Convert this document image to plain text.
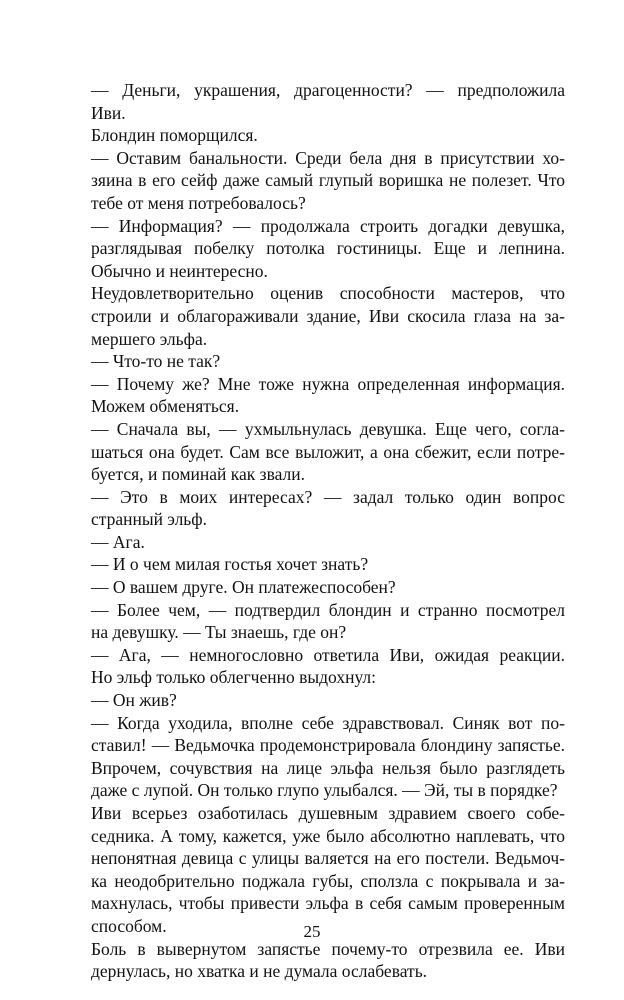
— Деньги, украшения, драгоценности? — предположила
Иви.
Блондин поморщился.
— Оставим банальности. Среди бела дня в присутствии хо-
зяина в его сейф даже самый глупый воришка не полезет. Что
тебе от меня потребовалось?
— Информация? — продолжала строить догадки девушка,
разглядывая побелку потолка гостиницы. Еще и лепнина.
Обычно и неинтересно.
Неудовлетворительно оценив способности мастеров, что
строили и облагораживали здание, Иви скосила глаза на за-
мершего эльфа.
— Что-то не так?
— Почему же? Мне тоже нужна определенная информация.
Можем обменяться.
— Сначала вы, — ухмыльнулась девушка. Еще чего, согла-
шаться она будет. Сам все выложит, а она сбежит, если потре-
буется, и поминай как звали.
— Это в моих интересах? — задал только один вопрос
странный эльф.
— Ага.
— И о чем милая гостья хочет знать?
— О вашем друге. Он платежеспособен?
— Более чем, — подтвердил блондин и странно посмотрел
на девушку. — Ты знаешь, где он?
— Ага, — немногословно ответила Иви, ожидая реакции.
Но эльф только облегченно выдохнул:
— Он жив?
— Когда уходила, вполне себе здравствовал. Синяк вот по-
ставил! — Ведьмочка продемонстрировала блондину запястье.
Впрочем, сочувствия на лице эльфа нельзя было разглядеть
даже с лупой. Он только глупо улыбался. — Эй, ты в порядке?
Иви всерьез озаботилась душевным здравием своего собе-
седника. А тому, кажется, уже было абсолютно наплевать, что
непонятная девица с улицы валяется на его постели. Ведьмоч-
ка неодобрительно поджала губы, сползла с покрывала и за-
махнулась, чтобы привести эльфа в себя самым проверенным
способом.
Боль в вывернутом запястье почему-то отрезвила ее. Иви
дернулась, но хватка и не думала ослабевать.
25
